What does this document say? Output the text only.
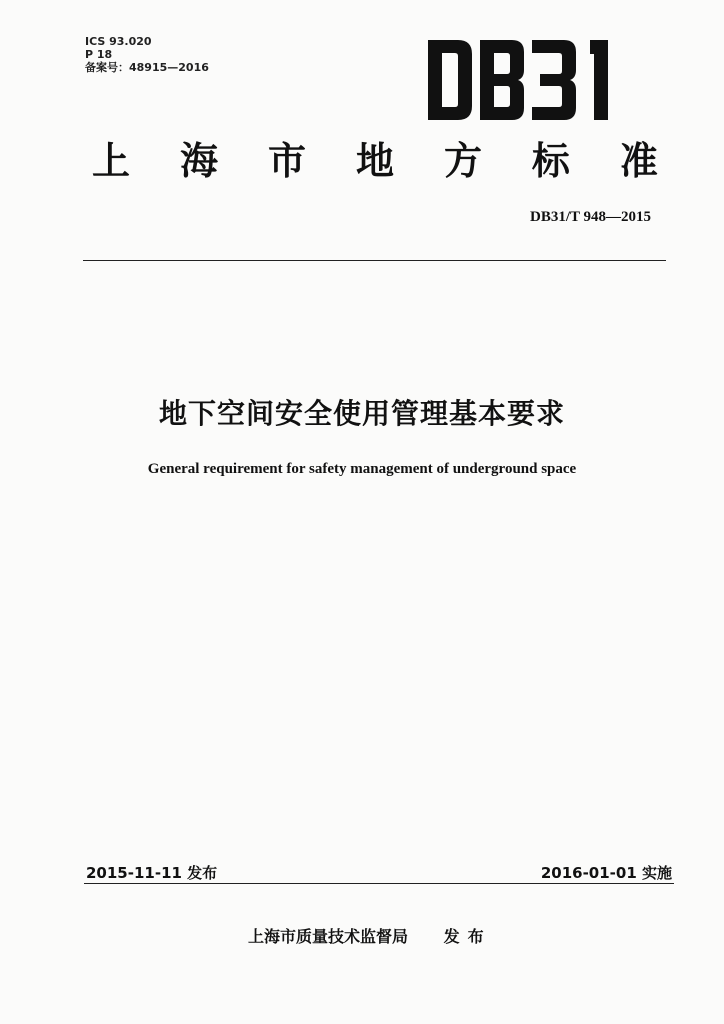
ICS 93.020
P 18
备案号：48915—2016
上 海 市 地 方 标 准
DB31/T 948—2015
地下空间安全使用管理基本要求
General requirement for safety management of underground space
2015-11-11 发布	2016-01-01 实施
上海市质量技术监督局 发布
